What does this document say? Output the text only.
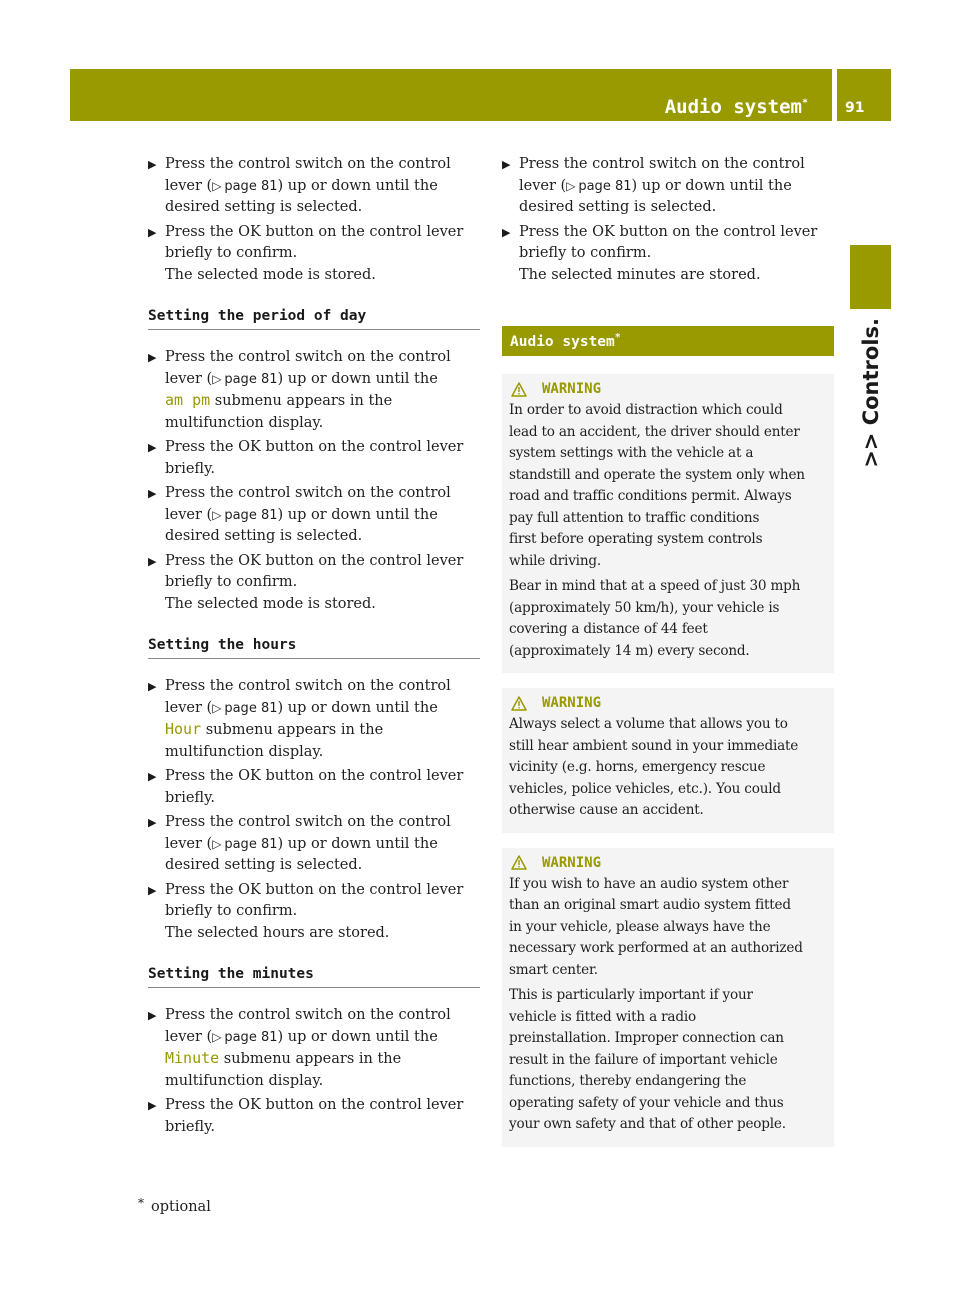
Audio system*	91
>> Controls.
▶ Press the control switch on the control
lever (▷  page 81) up or down until the
desired setting is selected.
▶ Press the OK button on the control lever
briefly to confirm.
The selected mode is stored.
Setting the period of day
▶ Press the control switch on the control
lever (▷  page 81) up or down until the
am pm submenu appears in the
multifunction display.
▶ Press the OK button on the control lever
briefly.
▶ Press the control switch on the control
lever (▷  page 81) up or down until the
desired setting is selected.
▶ Press the OK button on the control lever
briefly to confirm.
The selected mode is stored.
Setting the hours
▶ Press the control switch on the control
lever (▷  page 81) up or down until the
Hour submenu appears in the
multifunction display.
▶ Press the OK button on the control lever
briefly.
▶ Press the control switch on the control
lever (▷  page 81) up or down until the
desired setting is selected.
▶ Press the OK button on the control lever
briefly to confirm.
The selected hours are stored.
Setting the minutes
▶ Press the control switch on the control
lever (▷  page 81) up or down until the
Minute submenu appears in the
multifunction display.
▶ Press the OK button on the control lever
briefly.
▶ Press the control switch on the control
lever (▷  page 81) up or down until the
desired setting is selected.
▶ Press the OK button on the control lever
briefly to confirm.
The selected minutes are stored.
Audio system*
WARNING

In order to avoid distraction which could
lead to an accident, the driver should enter
system settings with the vehicle at a
standstill and operate the system only when
road and traffic conditions permit. Always
pay full attention to traffic conditions
first before operating system controls
while driving.

Bear in mind that at a speed of just 30 mph
(approximately 50 km/h), your vehicle is
covering a distance of 44 feet
(approximately 14 m) every second.

WARNING

Always select a volume that allows you to
still hear ambient sound in your immediate
vicinity (e.g. horns, emergency rescue
vehicles, police vehicles, etc.). You could
otherwise cause an accident.

WARNING

If you wish to have an audio system other
than an original smart audio system fitted
in your vehicle, please always have the
necessary work performed at an authorized
smart center.

This is particularly important if your
vehicle is fitted with a radio
preinstallation. Improper connection can
result in the failure of important vehicle
functions, thereby endangering the
operating safety of your vehicle and thus
your own safety and that of other people.

* optional
